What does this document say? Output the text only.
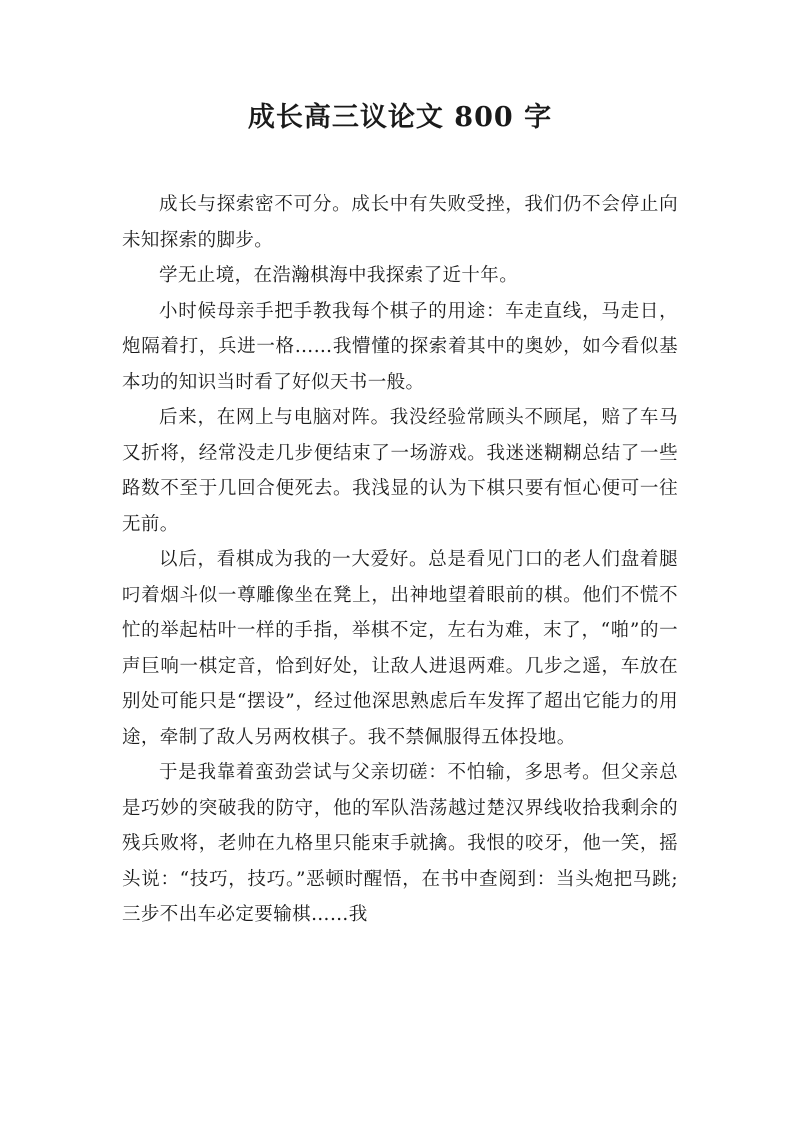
成长高三议论文 800 字

成长与探索密不可分。成长中有失败受挫，我们仍不会停止向未知探索的脚步。

学无止境，在浩瀚棋海中我探索了近十年。

小时候母亲手把手教我每个棋子的用途：车走直线，马走日，炮隔着打，兵进一格……我懵懂的探索着其中的奥妙，如今看似基本功的知识当时看了好似天书一般。

后来，在网上与电脑对阵。我没经验常顾头不顾尾，赔了车马又折将，经常没走几步便结束了一场游戏。我迷迷糊糊总结了一些路数不至于几回合便死去。我浅显的认为下棋只要有恒心便可一往无前。

以后，看棋成为我的一大爱好。总是看见门口的老人们盘着腿叼着烟斗似一尊雕像坐在凳上，出神地望着眼前的棋。他们不慌不忙的举起枯叶一样的手指，举棋不定，左右为难，末了，“啪”的一声巨响一棋定音，恰到好处，让敌人进退两难。几步之遥，车放在别处可能只是“摆设”，经过他深思熟虑后车发挥了超出它能力的用途，牵制了敌人另两枚棋子。我不禁佩服得五体投地。

于是我靠着蛮劲尝试与父亲切磋：不怕输，多思考。但父亲总是巧妙的突破我的防守，他的军队浩荡越过楚汉界线收拾我剩余的残兵败将，老帅在九格里只能束手就擒。我恨的咬牙，他一笑，摇头说：“技巧，技巧。”恶顿时醒悟，在书中查阅到：当头炮把马跳;三步不出车必定要输棋……我
